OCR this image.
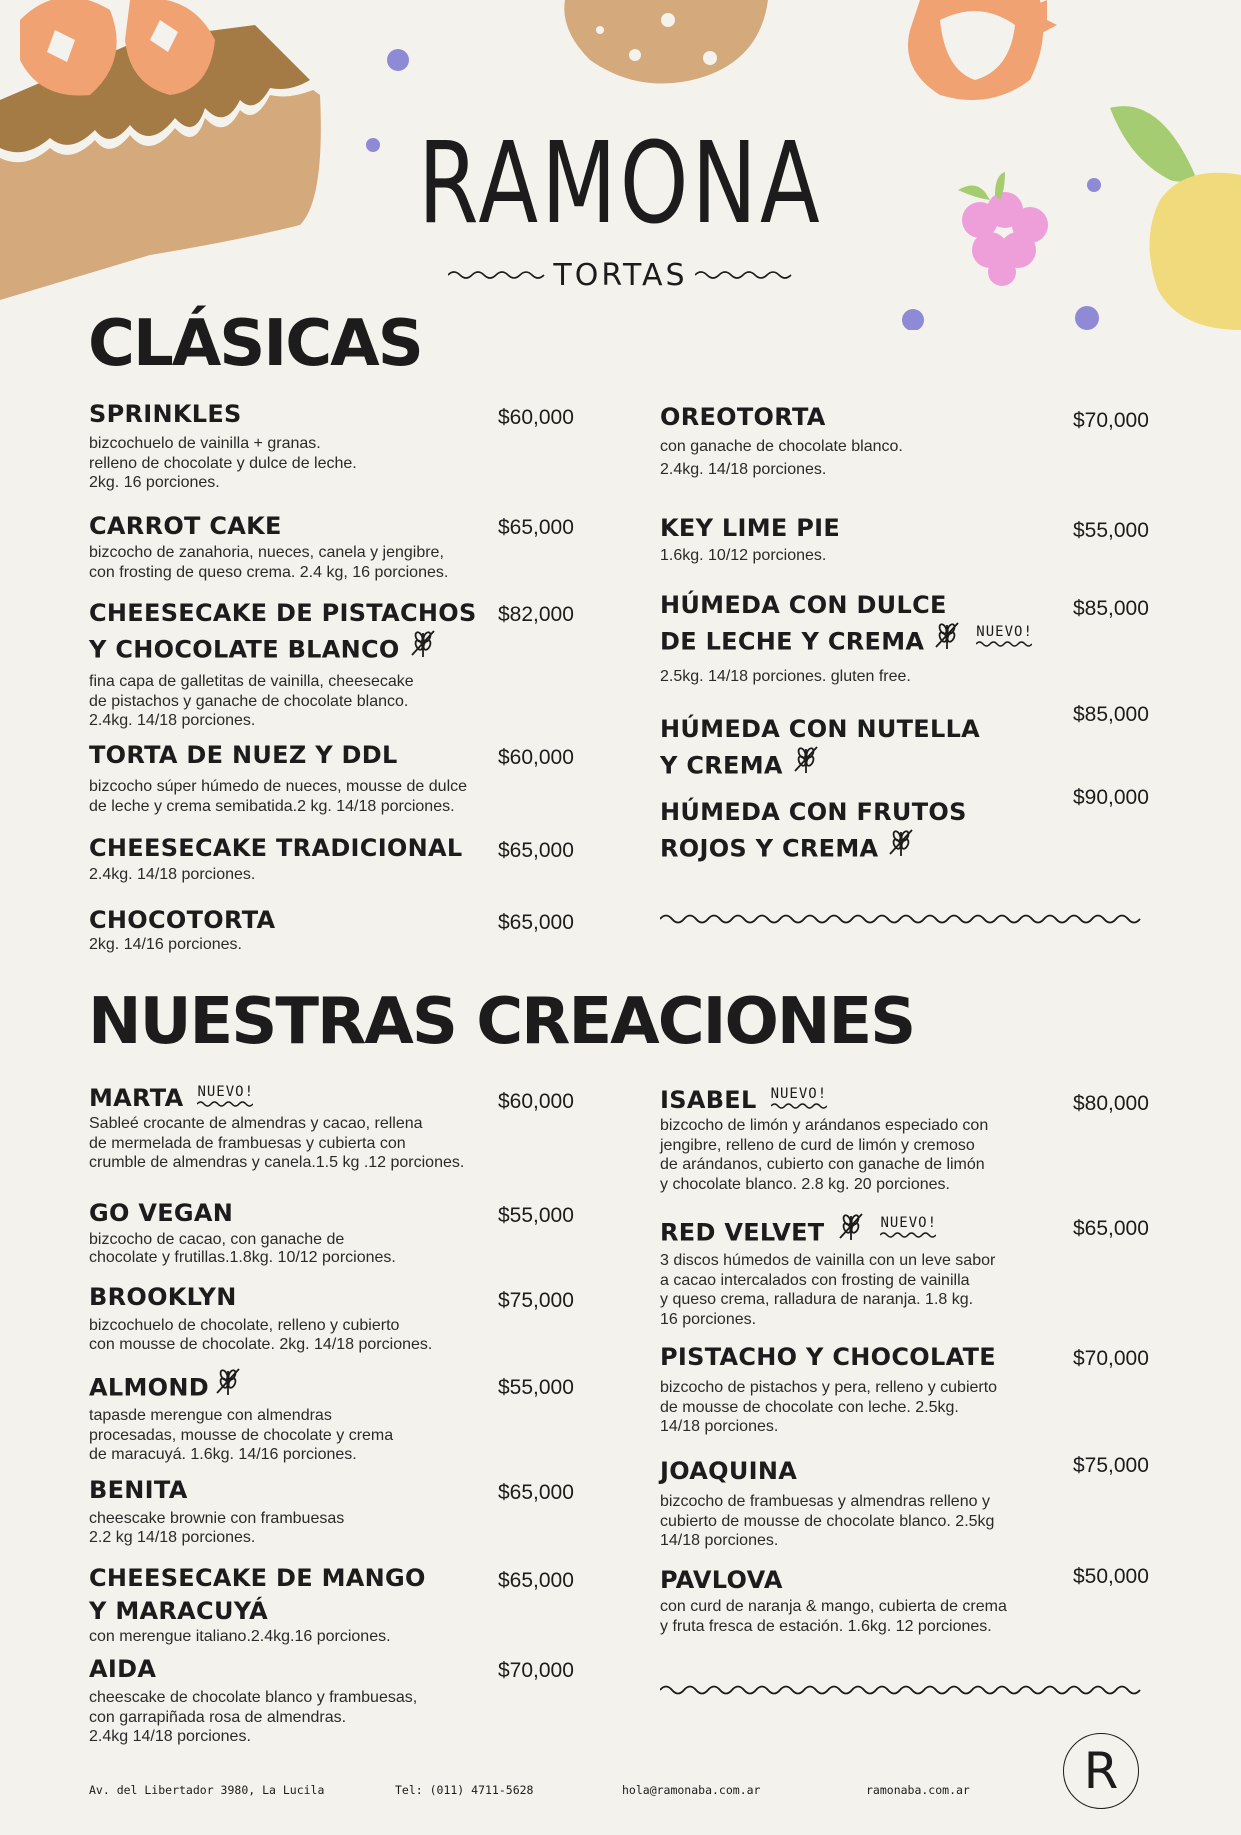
RAMONA
TORTAS
CLÁSICAS

SPRINKLES

bizcochuelo de vainilla + granas.
relleno de chocolate y dulce de leche.
2kg. 16 porciones.

$60,000

CARROT CAKE

bizcocho de zanahoria, nueces, canela y jengibre,
con frosting de queso crema. 2.4 kg, 16 porciones.

$65,000

CHEESECAKE DE PISTACHOS
Y CHOCOLATE BLANCO

fina capa de galletitas de vainilla, cheesecake
de pistachos y ganache de chocolate blanco.
2.4kg. 14/18 porciones.

$82,000

TORTA DE NUEZ Y DDL

bizcocho súper húmedo de nueces, mousse de dulce
de leche y crema semibatida.2 kg. 14/18 porciones.

$60,000

CHEESECAKE TRADICIONAL

2.4kg. 14/18 porciones.

$65,000

CHOCOTORTA

2kg. 14/16 porciones.

$65,000

OREOTORTA

con ganache de chocolate blanco.
2.4kg. 14/18 porciones.

$70,000

KEY LIME PIE

1.6kg. 10/12 porciones.

$55,000

HÚMEDA CON DULCE
DE LECHE Y CREMA	NUEVO!

2.5kg. 14/18 porciones. gluten free.

$85,000

HÚMEDA CON NUTELLA
Y CREMA

$85,000

HÚMEDA CON FRUTOS
ROJOS Y CREMA

$90,000
NUESTRAS CREACIONES

MARTA NUEVO!

Sableé crocante de almendras y cacao, rellena
de mermelada de frambuesas y cubierta con
crumble de almendras y canela.1.5 kg .12 porciones.

$60,000

GO VEGAN

bizcocho de cacao, con ganache de
chocolate y frutillas.1.8kg. 10/12 porciones.

$55,000

BROOKLYN

bizcochuelo de chocolate, relleno y cubierto
con mousse de chocolate. 2kg. 14/18 porciones.

$75,000

ALMOND

tapasde merengue con almendras
procesadas, mousse de chocolate y crema
de maracuyá. 1.6kg. 14/16 porciones.

$55,000

BENITA

cheescake brownie con frambuesas
2.2 kg 14/18 porciones.

$65,000

CHEESECAKE DE MANGO
Y MARACUYÁ

con merengue italiano.2.4kg.16 porciones.

$65,000

AIDA

cheescake de chocolate blanco y frambuesas,
con garrapiñada rosa de almendras.
2.4kg 14/18 porciones.

$70,000

ISABEL NUEVO!

bizcocho de limón y arándanos especiado con
jengibre, relleno de curd de limón y cremoso
de arándanos, cubierto con ganache de limón
y chocolate blanco. 2.8 kg. 20 porciones.

$80,000

RED VELVET	NUEVO!

3 discos húmedos de vainilla con un leve sabor
a cacao intercalados con frosting de vainilla
y queso crema, ralladura de naranja. 1.8 kg.
16 porciones.

$65,000

PISTACHO Y CHOCOLATE

bizcocho de pistachos y pera, relleno y cubierto
de mousse de chocolate con leche. 2.5kg.
14/18 porciones.

$70,000

JOAQUINA

bizcocho de frambuesas y almendras relleno y
cubierto de mousse de chocolate blanco. 2.5kg
14/18 porciones.

$75,000

PAVLOVA

con curd de naranja & mango, cubierta de crema
y fruta fresca de estación. 1.6kg. 12 porciones.

$50,000
Av. del Libertador 3980, La Lucila	Tel: (011) 4711-5628	hola@ramonaba.com.ar	ramonaba.com.ar	R
